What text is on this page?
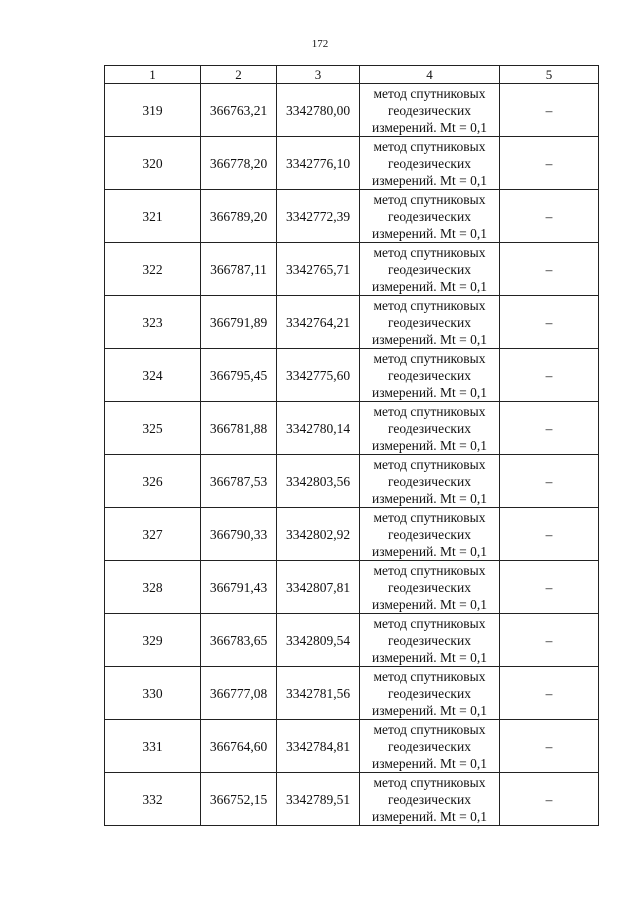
172
1	2	3	4	5
319	366763,21	3342780,00	метод спутниковых
геодезических
измерений. Mt = 0,1	–
320	366778,20	3342776,10	метод спутниковых
геодезических
измерений. Mt = 0,1	–
321	366789,20	3342772,39	метод спутниковых
геодезических
измерений. Mt = 0,1	–
322	366787,11	3342765,71	метод спутниковых
геодезических
измерений. Mt = 0,1	–
323	366791,89	3342764,21	метод спутниковых
геодезических
измерений. Mt = 0,1	–
324	366795,45	3342775,60	метод спутниковых
геодезических
измерений. Mt = 0,1	–
325	366781,88	3342780,14	метод спутниковых
геодезических
измерений. Mt = 0,1	–
326	366787,53	3342803,56	метод спутниковых
геодезических
измерений. Mt = 0,1	–
327	366790,33	3342802,92	метод спутниковых
геодезических
измерений. Mt = 0,1	–
328	366791,43	3342807,81	метод спутниковых
геодезических
измерений. Mt = 0,1	–
329	366783,65	3342809,54	метод спутниковых
геодезических
измерений. Mt = 0,1	–
330	366777,08	3342781,56	метод спутниковых
геодезических
измерений. Mt = 0,1	–
331	366764,60	3342784,81	метод спутниковых
геодезических
измерений. Mt = 0,1	–
332	366752,15	3342789,51	метод спутниковых
геодезических
измерений. Mt = 0,1	–
